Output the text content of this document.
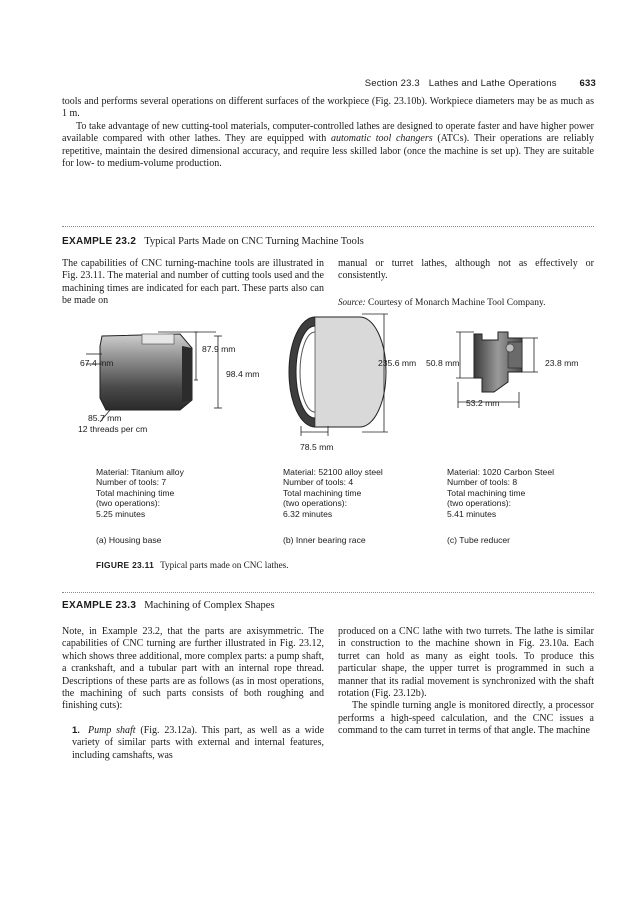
Section 23.3 Lathes and Lathe Operations 633

tools and performs several operations on different surfaces of the workpiece (Fig. 23.10b). Workpiece diameters may be as much as 1 m.

To take advantage of new cutting-tool materials, computer-controlled lathes are designed to operate faster and have higher power available compared with other lathes. They are equipped with automatic tool changers (ATCs). Their operations are reliably repetitive, maintain the desired dimensional accuracy, and require less skilled labor (once the machine is set up). They are suitable for low- to medium-volume production.

EXAMPLE 23.2 Typical Parts Made on CNC Turning Machine Tools
The capabilities of CNC turning-machine tools are illustrated in Fig. 23.11. The material and number of cutting tools used and the machining times are indicated for each part. These parts also can be made on
manual or turret lathes, although not as effectively or consistently.
Source: Courtesy of Monarch Machine Tool Company.
67.4 mm
87.9 mm
98.4 mm
85.7 mm
12 threads per cm
235.6 mm
78.5 mm
50.8 mm	23.8 mm
53.2 mm
Material: Titanium alloy
Number of tools: 7
Total machining time
(two operations):
5.25 minutes
(a) Housing base
Material: 52100 alloy steel
Number of tools: 4
Total machining time
(two operations):
6.32 minutes
(b) Inner bearing race
Material: 1020 Carbon Steel
Number of tools: 8
Total machining time
(two operations):
5.41 minutes
(c) Tube reducer
FIGURE 23.11 Typical parts made on CNC lathes.
EXAMPLE 23.3 Machining of Complex Shapes
Note, in Example 23.2, that the parts are axisymmetric. The capabilities of CNC turning are further illustrated in Fig. 23.12, which shows three additional, more complex parts: a pump shaft, a crankshaft, and a tubular part with an internal rope thread. Descriptions of these parts are as follows (as in most operations, the machining of such parts consists of both roughing and finishing cuts):
1. Pump shaft (Fig. 23.12a). This part, as well as a wide variety of similar parts with external and internal features, including camshafts, was

produced on a CNC lathe with two turrets. The lathe is similar in construction to the machine shown in Fig. 23.10a. Each turret can hold as many as eight tools. To produce this particular shape, the upper turret is programmed in such a manner that its radial movement is synchronized with the shaft rotation (Fig. 23.12b).

The spindle turning angle is monitored directly, a processor performs a high-speed calculation, and the CNC issues a command to the cam turret in terms of that angle. The machine
